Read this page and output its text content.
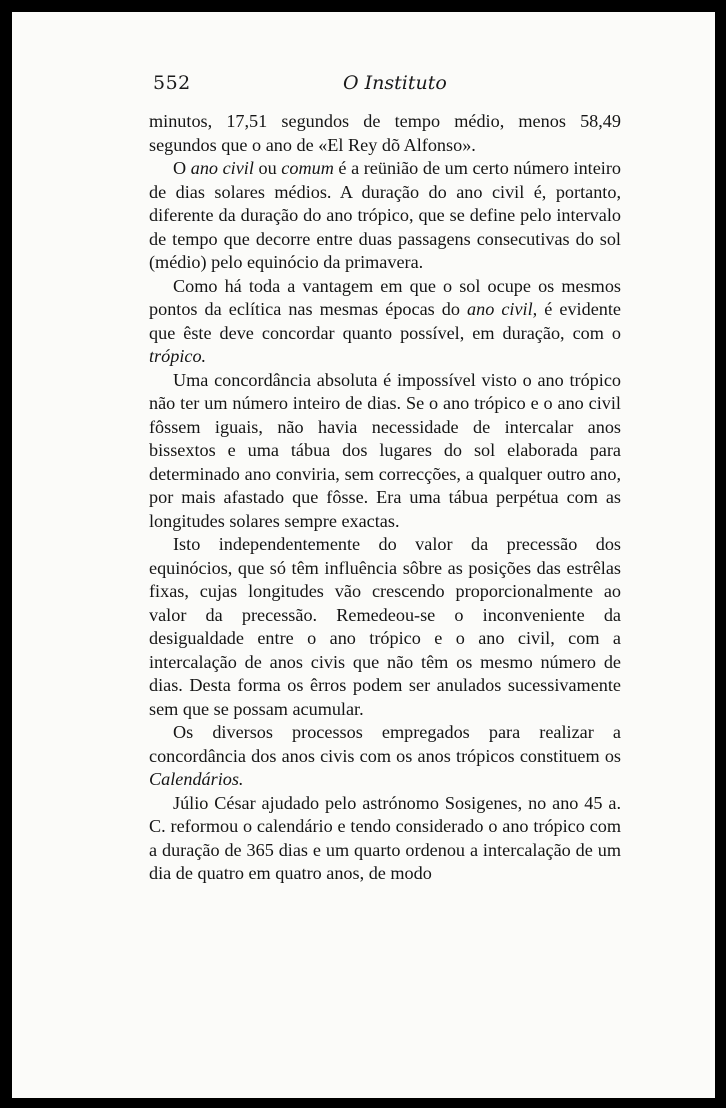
552	O Instituto

minutos, 17,51 segundos de tempo médio, menos 58,49 segundos que o ano de «El Rey dõ Alfonso».

O ano civil ou comum é a reünião de um certo número inteiro de dias solares médios. A duração do ano civil é, portanto, diferente da duração do ano trópico, que se define pelo intervalo de tempo que decorre entre duas passagens consecutivas do sol (médio) pelo equinócio da primavera.

Como há toda a vantagem em que o sol ocupe os mesmos pontos da eclítica nas mesmas épocas do ano civil, é evidente que êste deve concordar quanto possível, em duração, com o trópico.

Uma concordância absoluta é impossível visto o ano trópico não ter um número inteiro de dias. Se o ano trópico e o ano civil fôssem iguais, não havia necessidade de intercalar anos bissextos e uma tábua dos lugares do sol elaborada para determinado ano conviria, sem correcções, a qualquer outro ano, por mais afastado que fôsse. Era uma tábua perpétua com as longitudes solares sempre exactas.

Isto independentemente do valor da precessão dos equinócios, que só têm influência sôbre as posições das estrêlas fixas, cujas longitudes vão crescendo proporcionalmente ao valor da precessão. Remedeou-se o inconveniente da desigualdade entre o ano trópico e o ano civil, com a intercalação de anos civis que não têm os mesmo número de dias. Desta forma os êrros podem ser anulados sucessivamente sem que se possam acumular.

Os diversos processos empregados para realizar a concordância dos anos civis com os anos trópicos constituem os Calendários.

Júlio César ajudado pelo astrónomo Sosigenes, no ano 45 a. C. reformou o calendário e tendo considerado o ano trópico com a duração de 365 dias e um quarto ordenou a intercalação de um dia de quatro em quatro anos, de modo
